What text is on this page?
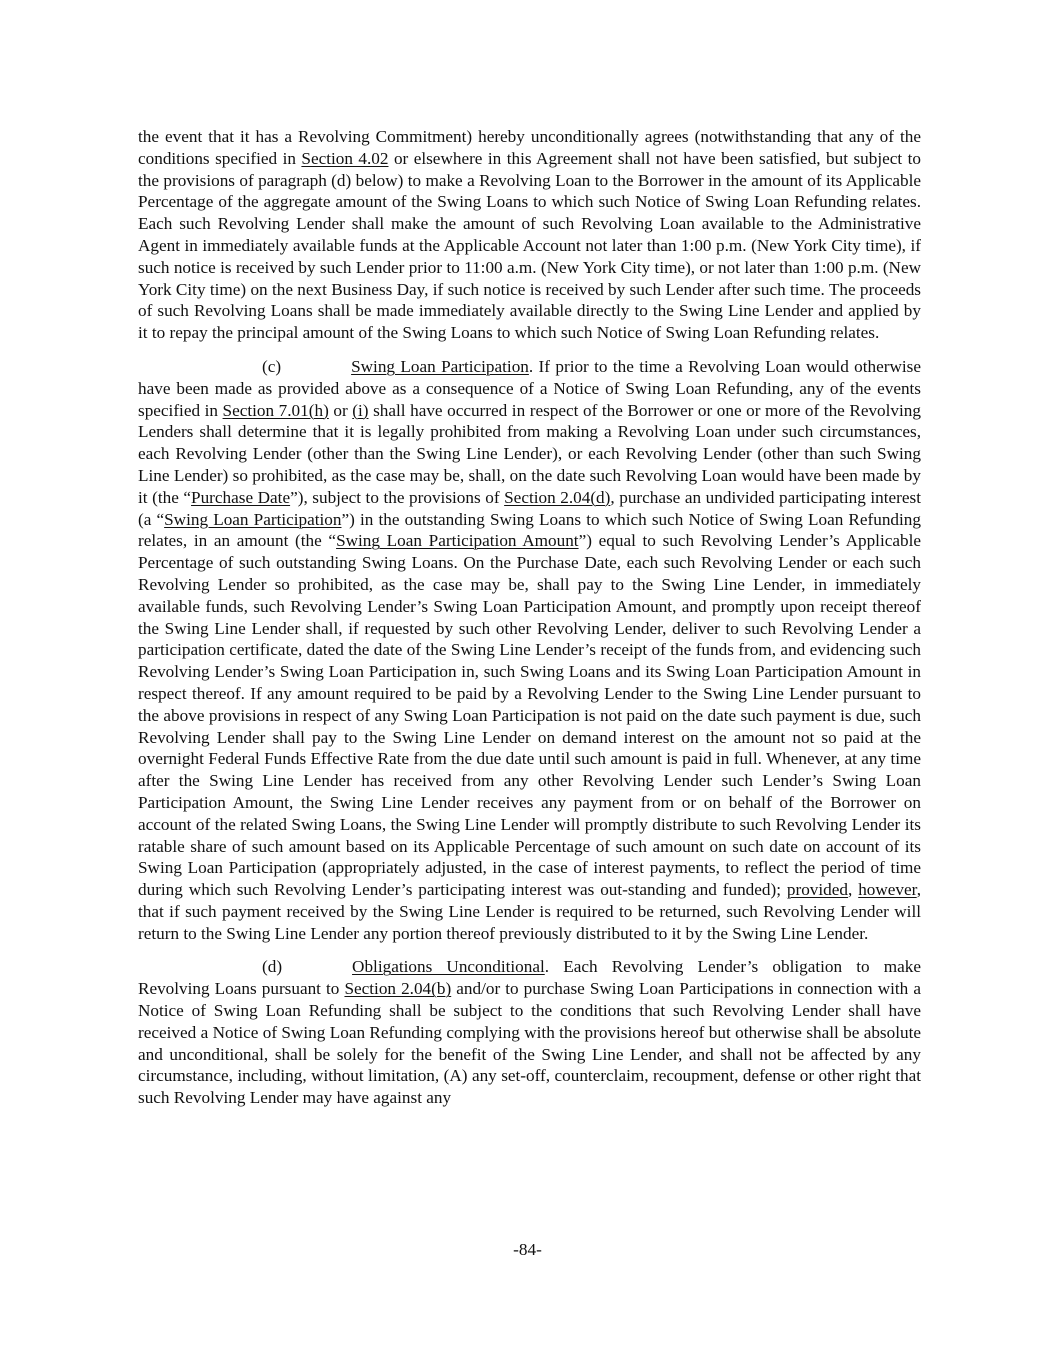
the event that it has a Revolving Commitment) hereby unconditionally agrees (notwithstanding that any of the conditions specified in Section 4.02 or elsewhere in this Agreement shall not have been satisfied, but subject to the provisions of paragraph (d) below) to make a Revolving Loan to the Borrower in the amount of its Applicable Percentage of the aggregate amount of the Swing Loans to which such Notice of Swing Loan Refunding relates. Each such Revolving Lender shall make the amount of such Revolving Loan available to the Administrative Agent in immediately available funds at the Applicable Account not later than 1:00 p.m. (New York City time), if such notice is received by such Lender prior to 11:00 a.m. (New York City time), or not later than 1:00 p.m. (New York City time) on the next Business Day, if such notice is received by such Lender after such time. The proceeds of such Revolving Loans shall be made immediately available directly to the Swing Line Lender and applied by it to repay the principal amount of the Swing Loans to which such Notice of Swing Loan Refunding relates.

(c)	Swing Loan Participation. If prior to the time a Revolving Loan would otherwise have been made as provided above as a consequence of a Notice of Swing Loan Refunding, any of the events specified in Section 7.01(h) or (i) shall have occurred in respect of the Borrower or one or more of the Revolving Lenders shall determine that it is legally prohibited from making a Revolving Loan under such circumstances, each Revolving Lender (other than the Swing Line Lender), or each Revolving Lender (other than such Swing Line Lender) so prohibited, as the case may be, shall, on the date such Revolving Loan would have been made by it (the “Purchase Date”), subject to the provisions of Section 2.04(d), purchase an undivided participating interest (a “Swing Loan Participation”) in the outstanding Swing Loans to which such Notice of Swing Loan Refunding relates, in an amount (the “Swing Loan Participation Amount”) equal to such Revolving Lender’s Applicable Percentage of such outstanding Swing Loans. On the Purchase Date, each such Revolving Lender or each such Revolving Lender so prohibited, as the case may be, shall pay to the Swing Line Lender, in immediately available funds, such Revolving Lender’s Swing Loan Participation Amount, and promptly upon receipt thereof the Swing Line Lender shall, if requested by such other Revolving Lender, deliver to such Revolving Lender a participation certificate, dated the date of the Swing Line Lender’s receipt of the funds from, and evidencing such Revolving Lender’s Swing Loan Participation in, such Swing Loans and its Swing Loan Participation Amount in respect thereof. If any amount required to be paid by a Revolving Lender to the Swing Line Lender pursuant to the above provisions in respect of any Swing Loan Participation is not paid on the date such payment is due, such Revolving Lender shall pay to the Swing Line Lender on demand interest on the amount not so paid at the overnight Federal Funds Effective Rate from the due date until such amount is paid in full. Whenever, at any time after the Swing Line Lender has received from any other Revolving Lender such Lender’s Swing Loan Participation Amount, the Swing Line Lender receives any payment from or on behalf of the Borrower on account of the related Swing Loans, the Swing Line Lender will promptly distribute to such Revolving Lender its ratable share of such amount based on its Applicable Percentage of such amount on such date on account of its Swing Loan Participation (appropriately adjusted, in the case of interest payments, to reflect the period of time during which such Revolving Lender’s participating interest was out-standing and funded); provided, however, that if such payment received by the Swing Line Lender is required to be returned, such Revolving Lender will return to the Swing Line Lender any portion thereof previously distributed to it by the Swing Line Lender.

(d)	Obligations Unconditional. Each Revolving Lender’s obligation to make Revolving Loans pursuant to Section 2.04(b) and/or to purchase Swing Loan Participations in connection with a Notice of Swing Loan Refunding shall be subject to the conditions that such Revolving Lender shall have received a Notice of Swing Loan Refunding complying with the provisions hereof but otherwise shall be absolute and unconditional, shall be solely for the benefit of the Swing Line Lender, and shall not be affected by any circumstance, including, without limitation, (A) any set-off, counterclaim, recoupment, defense or other right that such Revolving Lender may have against any

-84-
